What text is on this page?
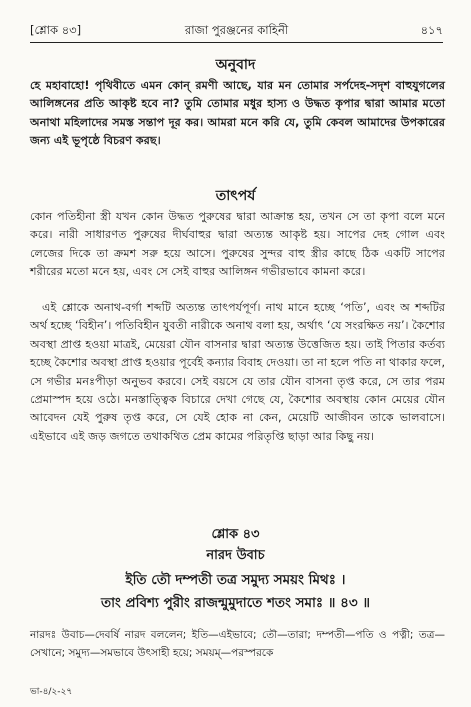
[শ্লোক ৪৩]	রাজা পুরঞ্জনের কাহিনী	৪১৭
অনুবাদ
হে মহাবাহো! পৃথিবীতে এমন কোন্ রমণী আছে, যার মন তোমার সর্পদেহ-সদৃশ বাহুযুগলের আলিঙ্গনের প্রতি আকৃষ্ট হবে না? তুমি তোমার মধুর হাস্য ও উদ্ধত কৃপার দ্বারা আমার মতো অনাথা মহিলাদের সমস্ত সন্তাপ দূর কর। আমরা মনে করি যে, তুমি কেবল আমাদের উপকারের জন্য এই ভূপৃষ্ঠে বিচরণ করছ।
তাৎপর্য
কোন পতিহীনা স্ত্রী যখন কোন উদ্ধত পুরুষের দ্বারা আক্রান্ত হয়, তখন সে তা কৃপা বলে মনে করে। নারী সাধারণত পুরুষের দীর্ঘবাহুর দ্বারা অত্যন্ত আকৃষ্ট হয়। সাপের দেহ গোল এবং লেজের দিকে তা ক্রমশ সরু হয়ে আসে। পুরুষের সুন্দর বাহু স্ত্রীর কাছে ঠিক একটি সাপের শরীরের মতো মনে হয়, এবং সে সেই বাহুর আলিঙ্গন গভীরভাবে কামনা করে।
এই শ্লোকে অনাথ-বর্গা শব্দটি অত্যন্ত তাৎপর্যপূর্ণ। নাথ মানে হচ্ছে ‘পতি’, এবং অ শব্দটির অর্থ হচ্ছে ‘বিহীন’। পতিবিহীন যুবতী নারীকে অনাথ বলা হয়, অর্থাৎ ‘যে সংরক্ষিত নয়’। কৈশোর অবস্থা প্রাপ্ত হওয়া মাত্রই, মেয়েরা যৌন বাসনার দ্বারা অত্যন্ত উত্তেজিত হয়। তাই পিতার কর্তব্য হচ্ছে কৈশোর অবস্থা প্রাপ্ত হওয়ার পূর্বেই কন্যার বিবাহ দেওয়া। তা না হলে পতি না থাকার ফলে, সে গভীর মনঃপীড়া অনুভব করবে। সেই বয়সে যে তার যৌন বাসনা তৃপ্ত করে, সে তার পরম প্রেমাস্পদ হয়ে ওঠে। মনস্তাত্ত্বিক বিচারে দেখা গেছে যে, কৈশোর অবস্থায় কোন মেয়ের যৌন আবেদন যেই পুরুষ তৃপ্ত করে, সে যেই হোক না কেন, মেয়েটি আজীবন তাকে ভালবাসে। এইভাবে এই জড় জগতে তথাকথিত প্রেম কামের পরিতৃপ্তি ছাড়া আর কিছু নয়।
শ্লোক ৪৩
নারদ উবাচ
ইতি তৌ দম্পতী তত্র সমুদ্য সময়ং মিথঃ ।
তাং প্রবিশ্য পুরীং রাজন্মুমুদাতে শতং সমাঃ ॥ ৪৩ ॥
নারদঃ উবাচ—দেবর্ষি নারদ বললেন; ইতি—এইভাবে; তৌ—তারা; দম্পতী—পতি ও পত্নী; তত্র—সেখানে; সমুদ্য—সমভাবে উৎসাহী হয়ে; সময়ম্—পরস্পরকে
ভা-৪/২-২৭
